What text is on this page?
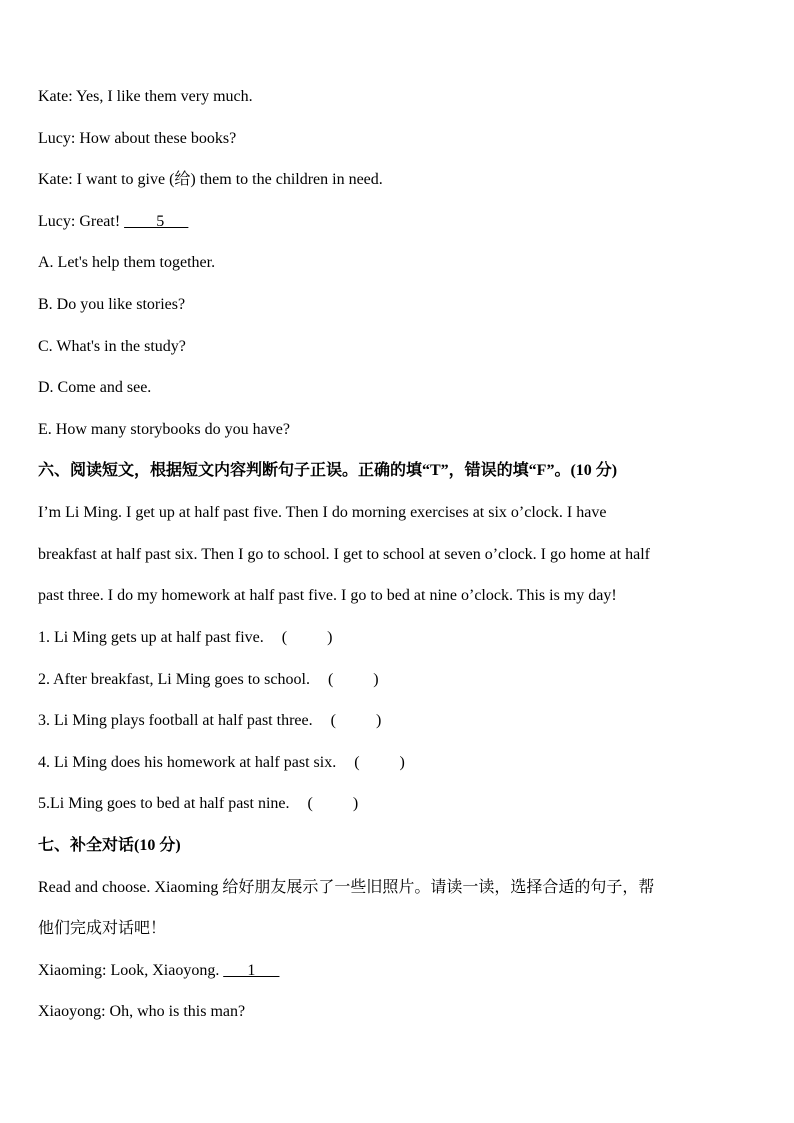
Kate: Yes, I like them very much.
Lucy: How about these books?
Kate: I want to give (给) them to the children in need.
Lucy: Great! ____5___
A. Let's help them together.
B. Do you like stories?
C. What's in the study?
D. Come and see.
E. How many storybooks do you have?
六、阅读短文，根据短文内容判断句子正误。正确的填“T”，错误的填“F”。(10 分)
I’m Li Ming. I get up at half past five. Then I do morning exercises at six o’clock. I have
breakfast at half past six. Then I go to school. I get to school at seven o’clock. I go home at half
past three. I do my homework at half past five. I go to bed at nine o’clock. This is my day!
1. Li Ming gets up at half past five. (          )
2. After breakfast, Li Ming goes to school. (          )
3. Li Ming plays football at half past three. (          )
4. Li Ming does his homework at half past six. (          )
5.Li Ming goes to bed at half past nine. (          )
七、补全对话(10 分)
Read and choose. Xiaoming 给好朋友展示了一些旧照片。请读一读，选择合适的句子，帮
他们完成对话吧！
Xiaoming: Look, Xiaoyong. ___1___
Xiaoyong: Oh, who is this man?
